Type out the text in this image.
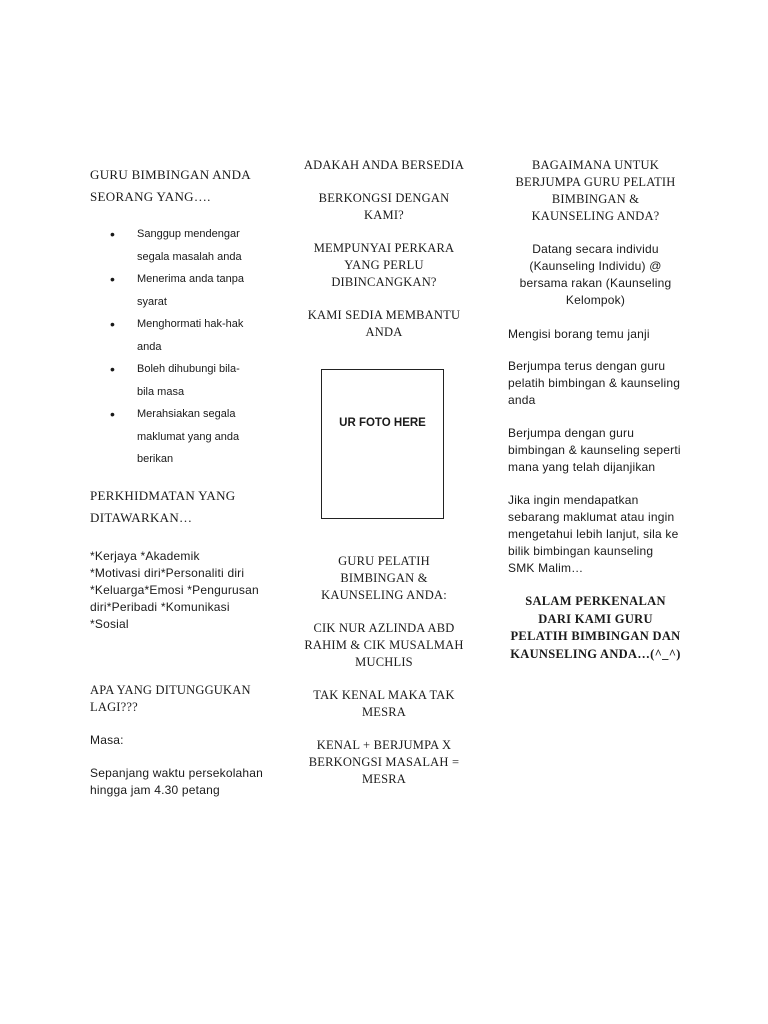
GURU BIMBINGAN ANDA
SEORANG YANG….
• Sanggup mendengar
segala masalah anda
• Menerima anda tanpa
syarat
• Menghormati hak-hak
anda
• Boleh dihubungi bila-
bila masa
• Merahsiakan segala
maklumat yang anda
berikan
PERKHIDMATAN YANG
DITAWARKAN…
*Kerjaya *Akademik
*Motivasi diri*Personaliti diri
*Keluarga*Emosi *Pengurusan
diri*Peribadi *Komunikasi
*Sosial
APA YANG DITUNGGUKAN
LAGI???
Masa:
Sepanjang waktu persekolahan
hingga jam 4.30 petang
ADAKAH ANDA BERSEDIA
BERKONGSI DENGAN
KAMI?
MEMPUNYAI PERKARA
YANG PERLU
DIBINCANGKAN?
KAMI SEDIA MEMBANTU
ANDA
GURU PELATIH
BIMBINGAN &
KAUNSELING ANDA:
CIK NUR AZLINDA ABD
RAHIM & CIK MUSALMAH
MUCHLIS
TAK KENAL MAKA TAK
MESRA
KENAL + BERJUMPA X
BERKONGSI MASALAH =
MESRA
UR FOTO HERE
BAGAIMANA UNTUK
BERJUMPA GURU PELATIH
BIMBINGAN &
KAUNSELING ANDA?
Datang secara individu
(Kaunseling Individu) @
bersama rakan (Kaunseling
Kelompok)
Mengisi borang temu janji
Berjumpa terus dengan guru
pelatih bimbingan & kaunseling
anda
Berjumpa dengan guru
bimbingan & kaunseling seperti
mana yang telah dijanjikan
Jika ingin mendapatkan
sebarang maklumat atau ingin
mengetahui lebih lanjut, sila ke
bilik bimbingan kaunseling
SMK Malim…
SALAM PERKENALAN
DARI KAMI GURU
PELATIH BIMBINGAN DAN
KAUNSELING ANDA…(^_^)
